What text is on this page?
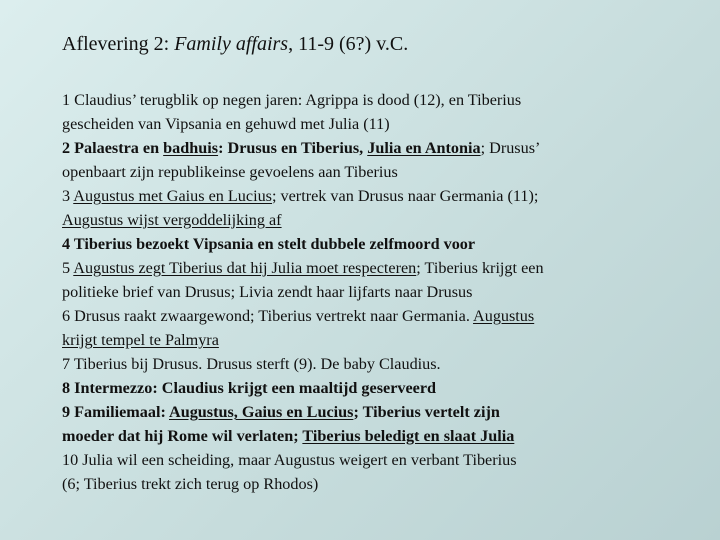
Aflevering 2: Family affairs, 11-9 (6?) v.C.
1 Claudius’ terugblik op negen jaren: Agrippa is dood (12), en Tiberius
gescheiden van Vipsania en gehuwd met Julia (11)
2 Palaestra en badhuis: Drusus en Tiberius, Julia en Antonia; Drusus’
openbaart zijn republikeinse gevoelens aan Tiberius
3 Augustus met Gaius en Lucius; vertrek van Drusus naar Germania (11);
Augustus wijst vergoddelijking af
4 Tiberius bezoekt Vipsania en stelt dubbele zelfmoord voor
5 Augustus zegt Tiberius dat hij Julia moet respecteren; Tiberius krijgt een
politieke brief van Drusus; Livia zendt haar lijfarts naar Drusus
6 Drusus raakt zwaargewond; Tiberius vertrekt naar Germania. Augustus
krijgt tempel te Palmyra
7 Tiberius bij Drusus. Drusus sterft (9). De baby Claudius.
8 Intermezzo: Claudius krijgt een maaltijd geserveerd
9 Familiemaal: Augustus, Gaius en Lucius; Tiberius vertelt zijn
moeder dat hij Rome wil verlaten; Tiberius beledigt en slaat Julia
10 Julia wil een scheiding, maar Augustus weigert en verbant Tiberius
(6; Tiberius trekt zich terug op Rhodos)
